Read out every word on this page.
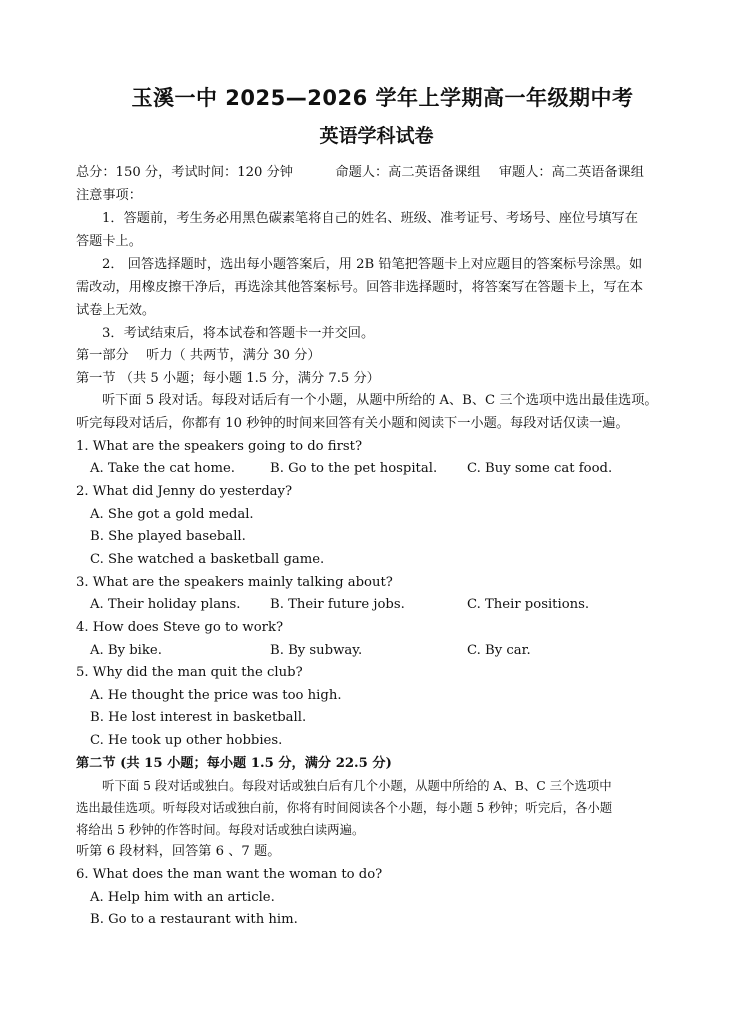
玉溪一中 2025—2026 学年上学期高一年级期中考
英语学科试卷
总分：150 分，考试时间：120 分钟	命题人：高二英语备课组 审题人：高二英语备课组
注意事项：
1．答题前，考生务必用黑色碳素笔将自己的姓名、班级、准考证号、考场号、座位号填写在
答题卡上。
2． 回答选择题时，选出每小题答案后，用 2B 铅笔把答题卡上对应题目的答案标号涂黑。如
需改动，用橡皮擦干净后，再选涂其他答案标号。回答非选择题时，将答案写在答题卡上，写在本
试卷上无效。
3．考试结束后，将本试卷和答题卡一并交回。
第一部分　 听力（ 共两节，满分 30 分）
第一节 （共 5 小题；每小题 1.5 分，满分 7.5 分）
听下面 5 段对话。每段对话后有一个小题，从题中所给的 A、B、C 三个选项中选出最佳选项。
听完每段对话后，你都有 10 秒钟的时间来回答有关小题和阅读下一小题。每段对话仅读一遍。
1. What are the speakers going to do first?
A. Take the cat home.	B. Go to the pet hospital. C. Buy some cat food.
2. What did Jenny do yesterday?
A. She got a gold medal.
B. She played baseball.
C. She watched a basketball game.
3. What are the speakers mainly talking about?
A. Their holiday plans. B. Their future jobs.	C. Their positions.
4. How does Steve go to work?
A. By bike.	B. By subway.	C. By car.
5. Why did the man quit the club?
A. He thought the price was too high.
B. He lost interest in basketball.
C. He took up other hobbies.
第二节 (共 15 小题；每小题 1.5 分，满分 22.5 分)
听下面 5 段对话或独白。每段对话或独白后有几个小题，从题中所给的 A、B、C 三个选项中
选出最佳选项。听每段对话或独白前，你将有时间阅读各个小题，每小题 5 秒钟；听完后，各小题
将给出 5 秒钟的作答时间。每段对话或独白读两遍。
听第 6 段材料，回答第 6 、7 题。
6. What does the man want the woman to do?
A. Help him with an article.
B. Go to a restaurant with him.
